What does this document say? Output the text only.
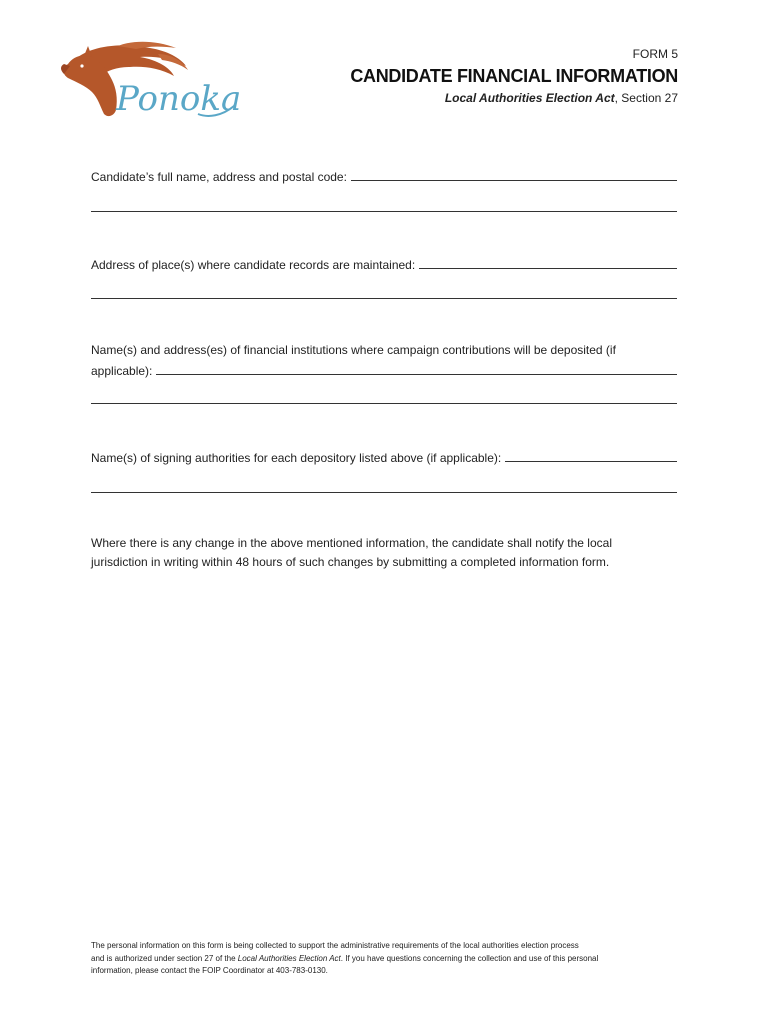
Ponoka
FORM 5
CANDIDATE FINANCIAL INFORMATION
Local Authorities Election Act, Section 27
Candidate’s full name, address and postal code:
Address of place(s) where candidate records are maintained:
Name(s) and address(es) of financial institutions where campaign contributions will be deposited (if
applicable):
Name(s) of signing authorities for each depository listed above (if applicable):
Where there is any change in the above mentioned information, the candidate shall notify the local
jurisdiction in writing within 48 hours of such changes by submitting a completed information form.
The personal information on this form is being collected to support the administrative requirements of the local authorities election process
and is authorized under section 27 of the Local Authorities Election Act. If you have questions concerning the collection and use of this personal
information, please contact the FOIP Coordinator at 403-783-0130.
